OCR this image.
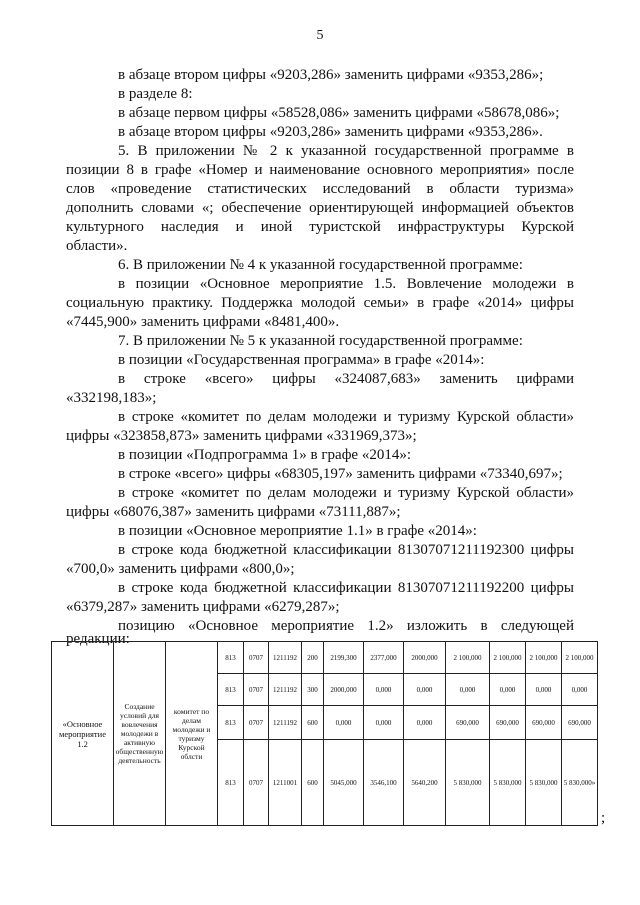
5
в абзаце втором цифры «9203,286» заменить цифрами «9353,286»;
в разделе 8:
в абзаце первом цифры «58528,086» заменить цифрами «58678,086»;
в абзаце втором цифры «9203,286» заменить цифрами «9353,286».
5. В приложении № 2 к указанной государственной программе в
позиции 8 в графе «Номер и наименование основного мероприятия» после
слов «проведение статистических исследований в области туризма»
дополнить словами «; обеспечение ориентирующей информацией объектов
культурного наследия и иной туристской инфраструктуры Курской
области».
6. В приложении № 4 к указанной государственной программе:
в позиции «Основное мероприятие 1.5. Вовлечение молодежи в
социальную практику. Поддержка молодой семьи» в графе «2014» цифры
«7445,900» заменить цифрами «8481,400».
7. В приложении № 5 к указанной государственной программе:
в позиции «Государственная программа» в графе «2014»:
в строке «всего» цифры «324087,683» заменить цифрами
«332198,183»;
в строке «комитет по делам молодежи и туризму Курской области»
цифры «323858,873» заменить цифрами «331969,373»;
в позиции «Подпрограмма 1» в графе «2014»:
в строке «всего» цифры «68305,197» заменить цифрами «73340,697»;
в строке «комитет по делам молодежи и туризму Курской области»
цифры «68076,387» заменить цифрами «73111,887»;
в позиции «Основное мероприятие 1.1» в графе «2014»:
в строке кода бюджетной классификации 81307071211192300 цифры
«700,0» заменить цифрами «800,0»;
в строке кода бюджетной классификации 81307071211192200 цифры
«6379,287» заменить цифрами «6279,287»;
позицию «Основное мероприятие 1.2» изложить в следующей
редакции:
«Основное мероприятие 1.2	Создание условий для вовлечения молодежи в активную общественную деятельность	комитет по делам молодежи и туризму Курской облсти	813	0707	1211192	200	2199,300	2377,000	2000,000	2 100,000	2 100,000	2 100,000	2 100,000
			813	0707	1211192	300	2000,000	0,000	0,000	0,000	0,000	0,000	0,000
			813	0707	1211192	600	0,000	0,000	0,000	690,000	690,000	690,000	690,000
			813	0707	1211001	600	5045,000	3546,100	5640,200	5 830,000	5 830,000	5 830,000	5 830,000»
;
